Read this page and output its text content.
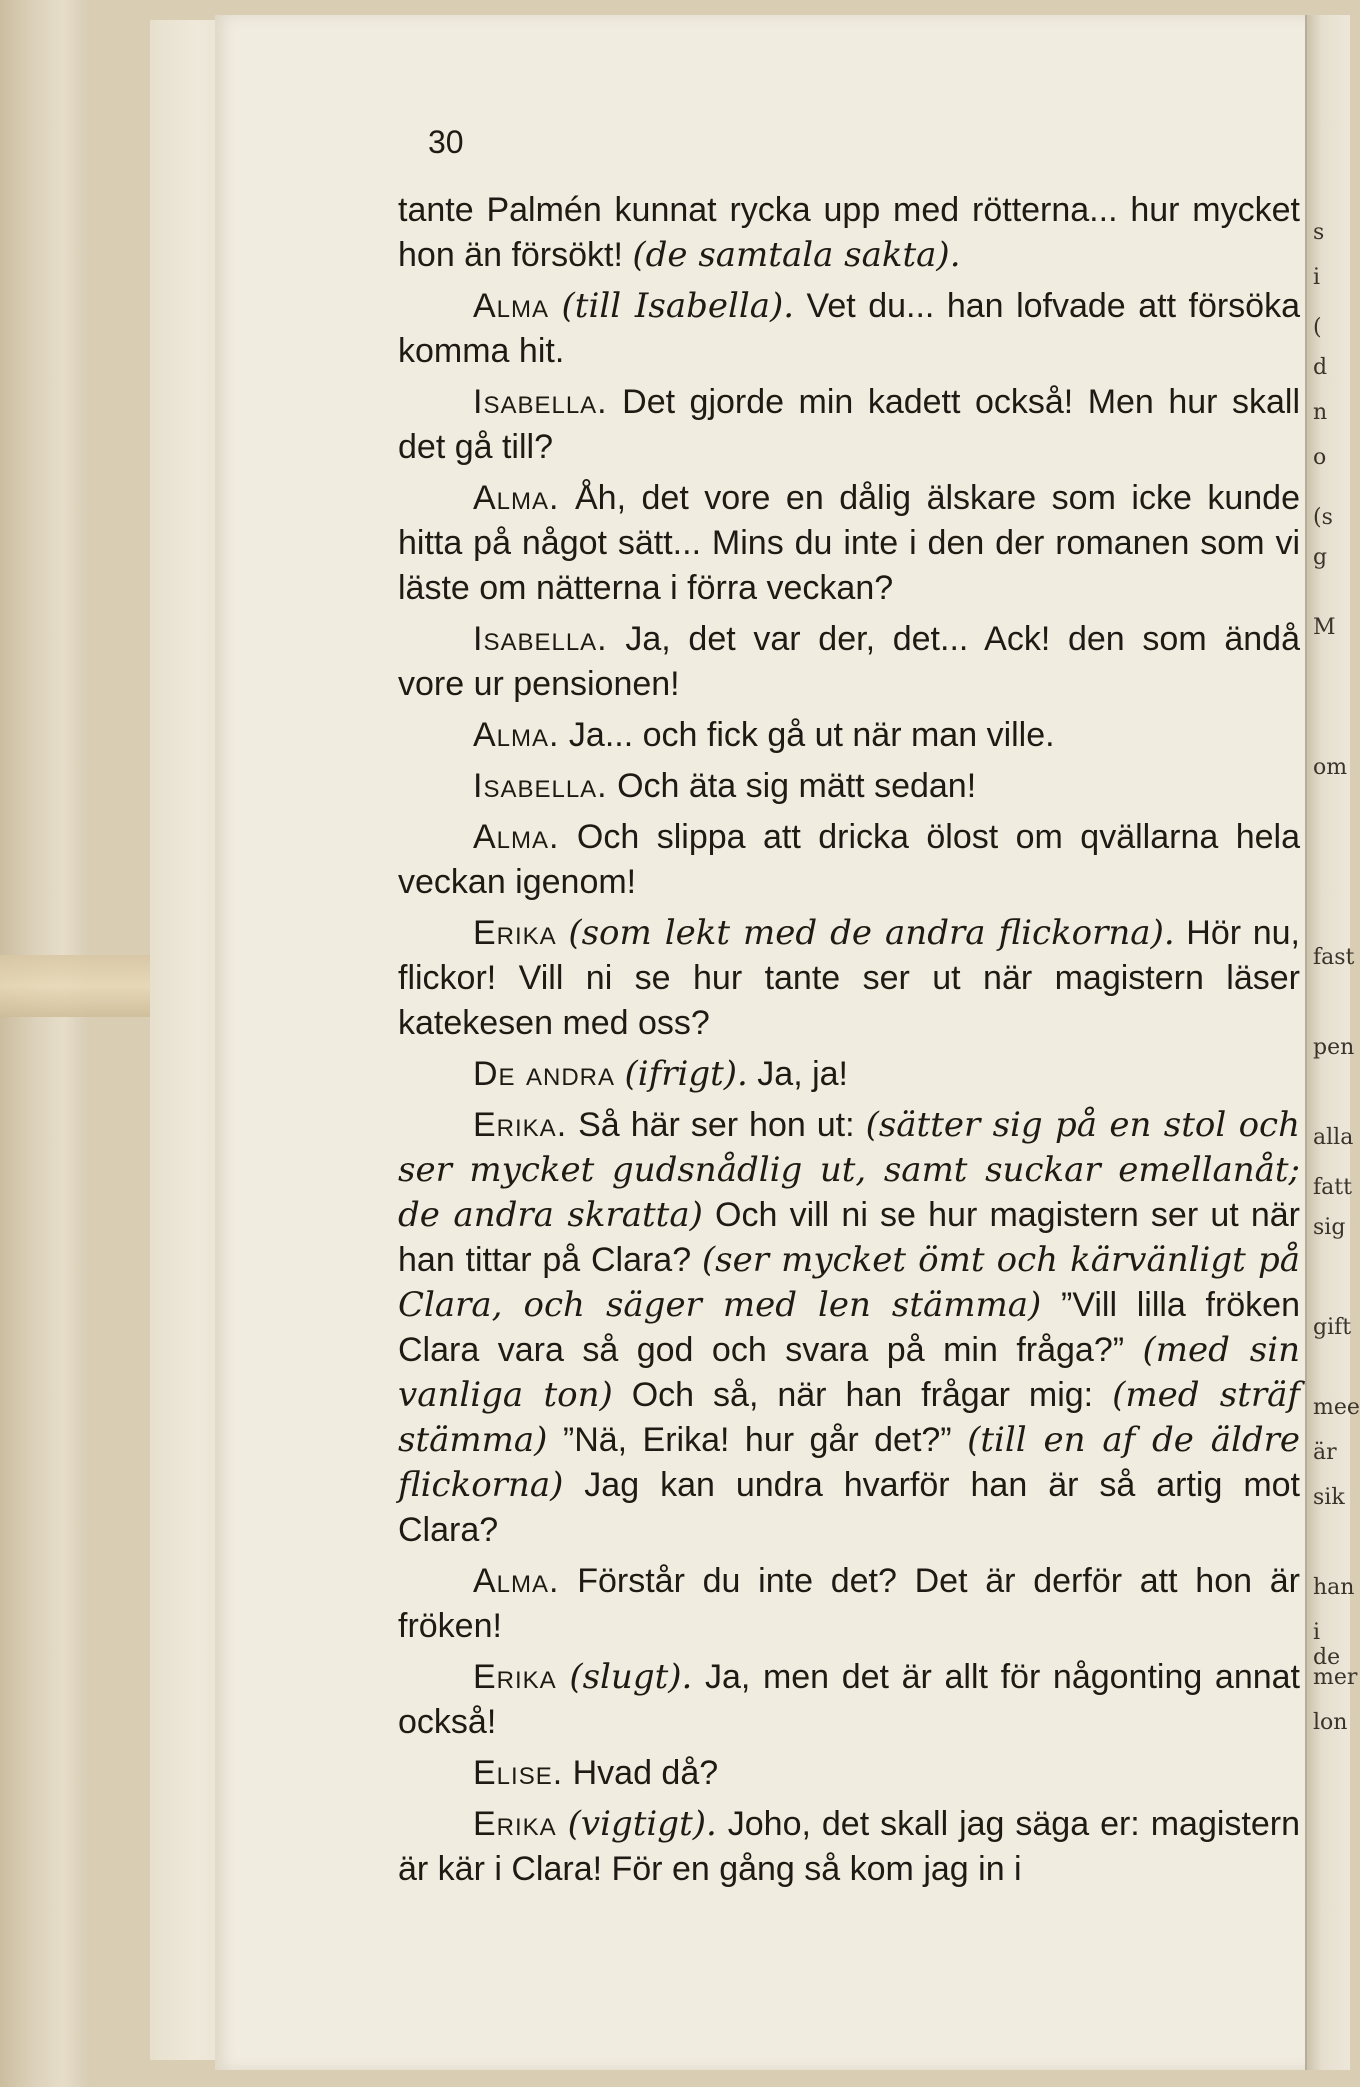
s
i
(
d
n
o
(s
g
M
om
fast
pen
alla
fatt
sig
gift
mee
är
sik
han
i de
mer
lon
30

tante Palmén kunnat rycka upp med rötterna... hur mycket hon än försökt! (de samtala sakta).

Alma (till Isabella). Vet du... han lofvade att försöka komma hit.

Isabella. Det gjorde min kadett också! Men hur skall det gå till?

Alma. Åh, det vore en dålig älskare som icke kunde hitta på något sätt... Mins du inte i den der romanen som vi läste om nätterna i förra veckan?

Isabella. Ja, det var der, det... Ack! den som ändå vore ur pensionen!

Alma. Ja... och fick gå ut när man ville.

Isabella. Och äta sig mätt sedan!

Alma. Och slippa att dricka ölost om qvällarna hela veckan igenom!

Erika (som lekt med de andra flickorna). Hör nu, flickor! Vill ni se hur tante ser ut när magistern läser katekesen med oss?

De andra (ifrigt). Ja, ja!

Erika. Så här ser hon ut: (sätter sig på en stol och ser mycket gudsnådlig ut, samt suckar emellanåt; de andra skratta) Och vill ni se hur magistern ser ut när han tittar på Clara? (ser mycket ömt och kärvänligt på Clara, och säger med len stämma) ”Vill lilla fröken Clara vara så god och svara på min fråga?” (med sin vanliga ton) Och så, när han frågar mig: (med sträf stämma) ”Nä, Erika! hur går det?” (till en af de äldre flickorna) Jag kan undra hvarför han är så artig mot Clara?

Alma. Förstår du inte det? Det är derför att hon är fröken!

Erika (slugt). Ja, men det är allt för någonting annat också!

Elise. Hvad då?

Erika (vigtigt). Joho, det skall jag säga er: magistern är kär i Clara! För en gång så kom jag in i
